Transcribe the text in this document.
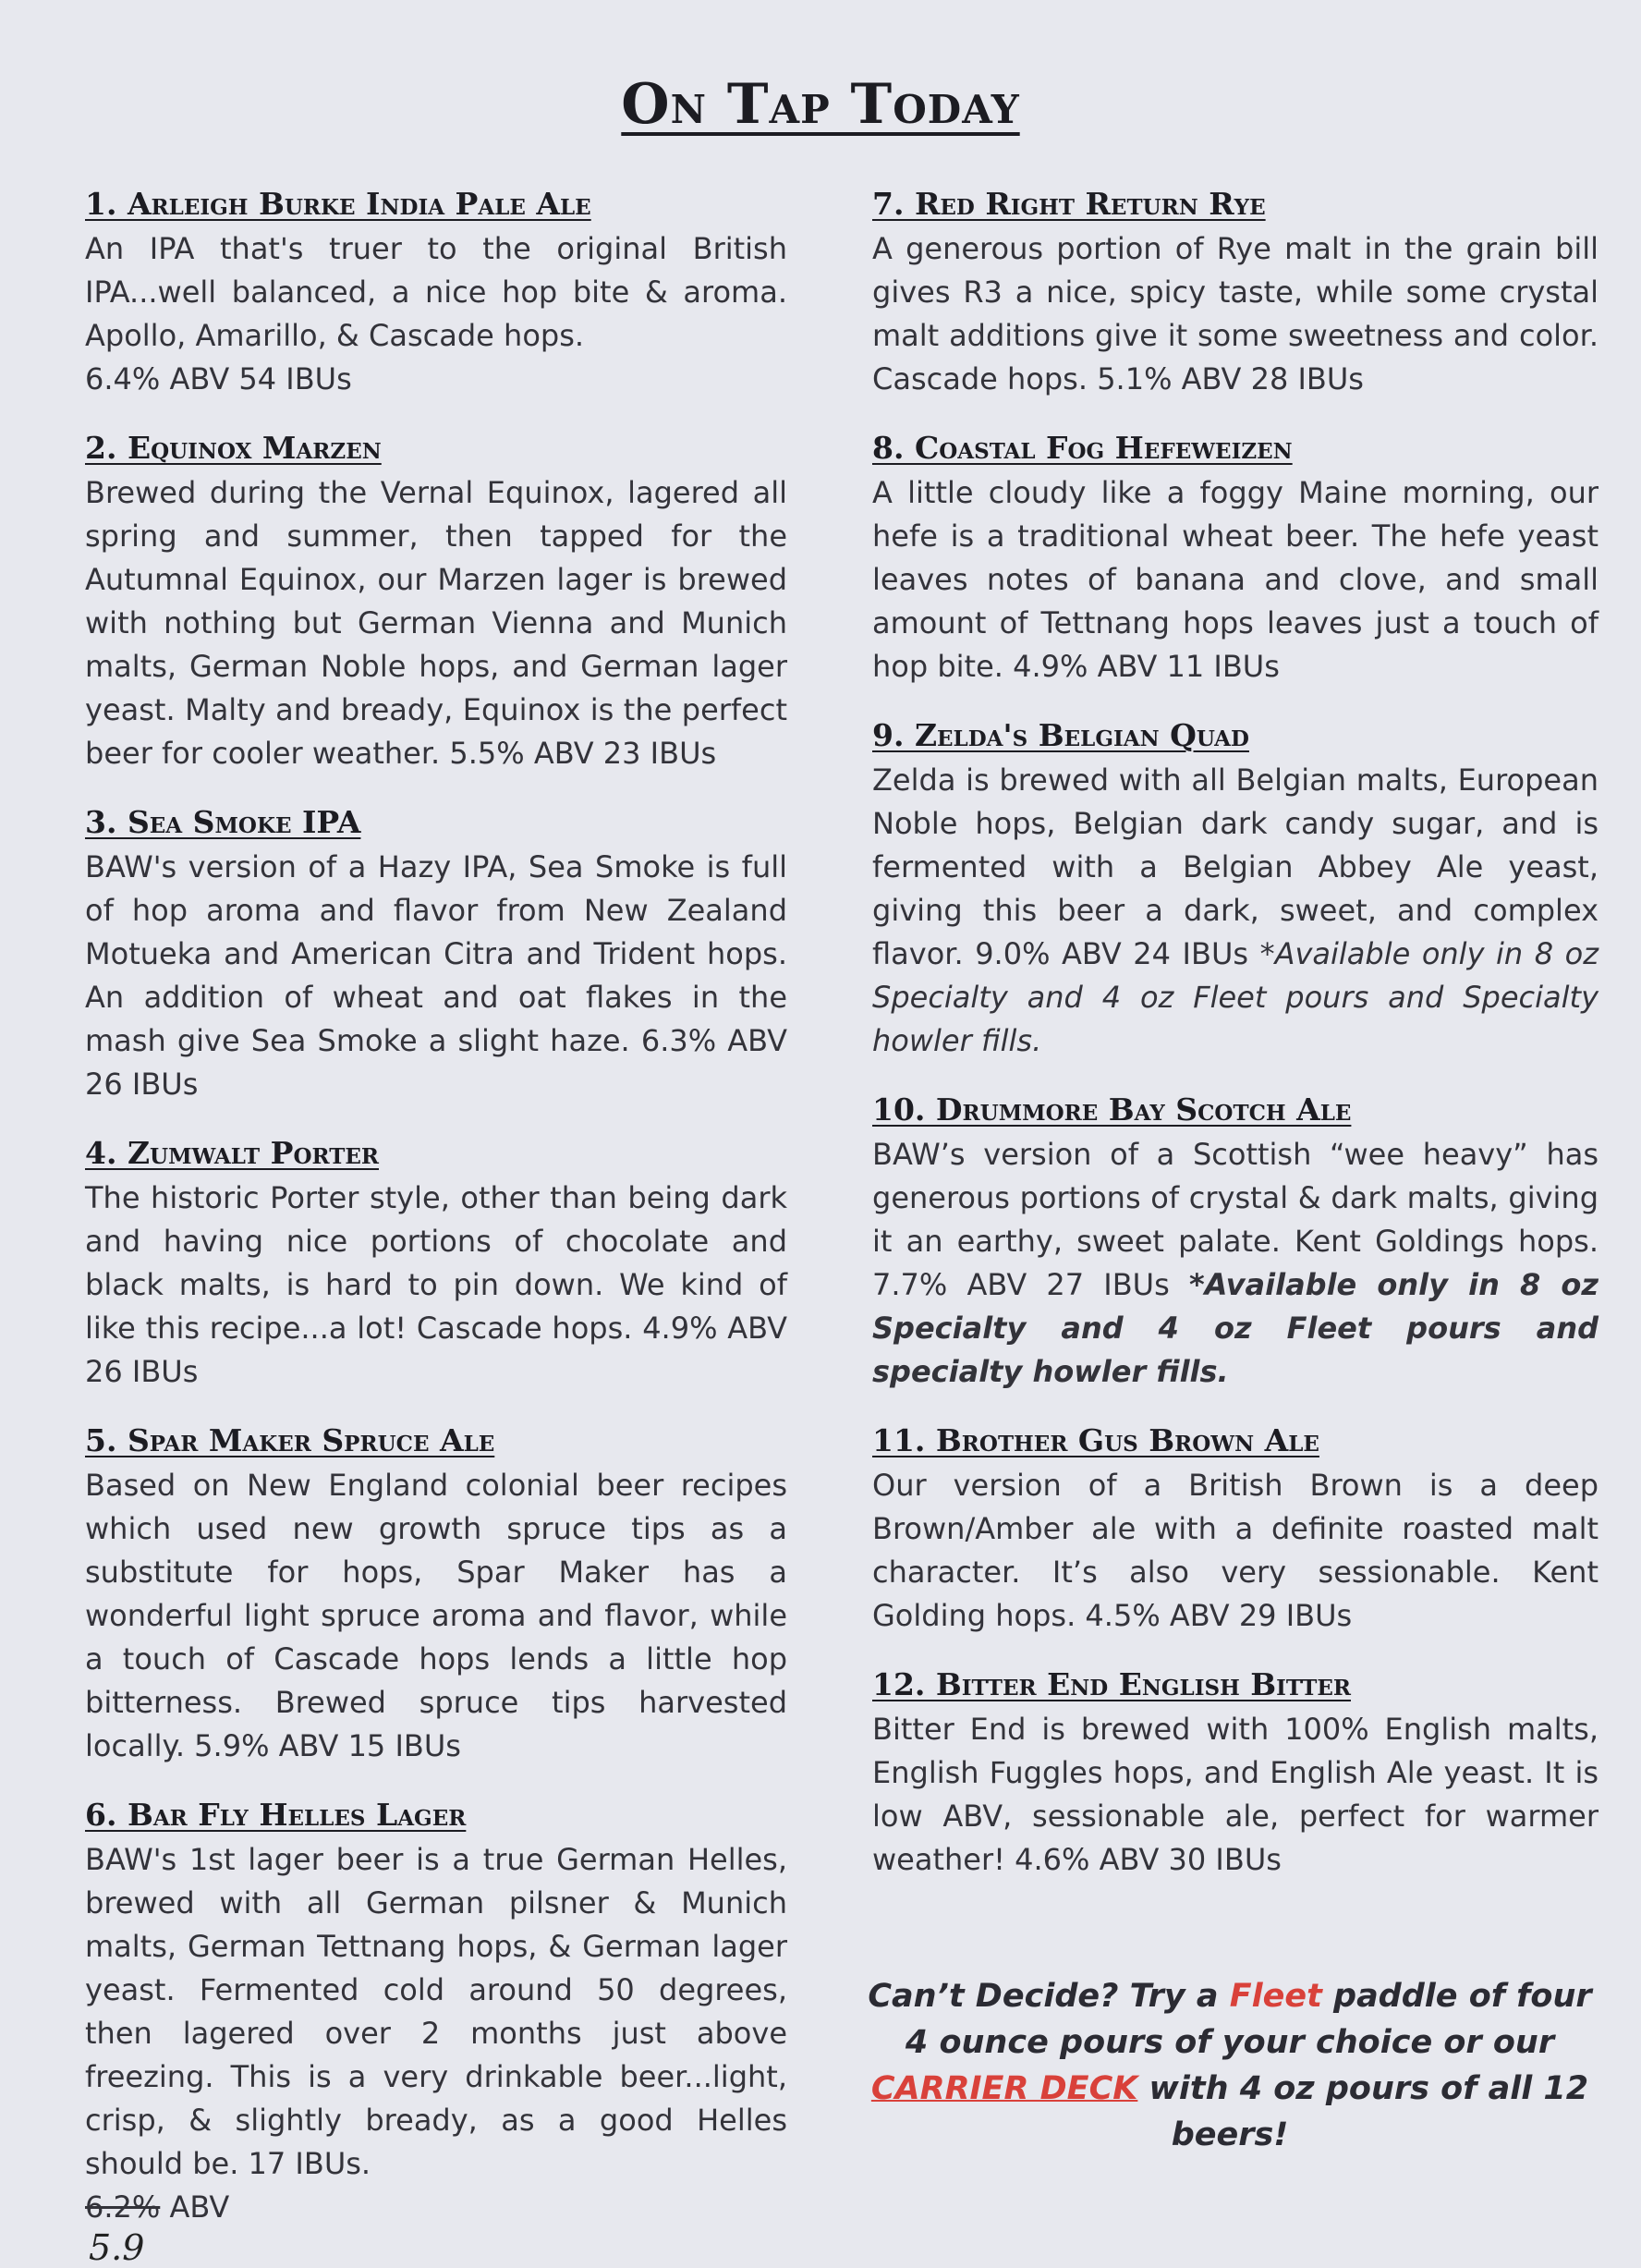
On Tap Today
1. Arleigh Burke India Pale Ale
An IPA that's truer to the original British IPA...well balanced, a nice hop bite & aroma. Apollo, Amarillo, & Cascade hops.
6.4% ABV 54 IBUs
2. Equinox Marzen
Brewed during the Vernal Equinox, lagered all spring and summer, then tapped for the Autumnal Equinox, our Marzen lager is brewed with nothing but German Vienna and Munich malts, German Noble hops, and German lager yeast. Malty and bready, Equinox is the perfect beer for cooler weather. 5.5% ABV 23 IBUs
3. Sea Smoke IPA
BAW's version of a Hazy IPA, Sea Smoke is full of hop aroma and flavor from New Zealand Motueka and American Citra and Trident hops. An addition of wheat and oat flakes in the mash give Sea Smoke a slight haze. 6.3% ABV 26 IBUs
4. Zumwalt Porter
The historic Porter style, other than being dark and having nice portions of chocolate and black malts, is hard to pin down. We kind of like this recipe...a lot! Cascade hops. 4.9% ABV 26 IBUs
5. Spar Maker Spruce Ale
Based on New England colonial beer recipes which used new growth spruce tips as a substitute for hops, Spar Maker has a wonderful light spruce aroma and flavor, while a touch of Cascade hops lends a little hop bitterness. Brewed spruce tips harvested locally. 5.9% ABV 15 IBUs
6. Bar Fly Helles Lager
BAW's 1st lager beer is a true German Helles, brewed with all German pilsner & Munich malts, German Tettnang hops, & German lager yeast. Fermented cold around 50 degrees, then lagered over 2 months just above freezing. This is a very drinkable beer...light, crisp, & slightly bready, as a good Helles should be. 17 IBUs.
6.2% ABV
5.9
7. Red Right Return Rye
A generous portion of Rye malt in the grain bill gives R3 a nice, spicy taste, while some crystal malt additions give it some sweetness and color. Cascade hops. 5.1% ABV 28 IBUs
8. Coastal Fog Hefeweizen
A little cloudy like a foggy Maine morning, our hefe is a traditional wheat beer. The hefe yeast leaves notes of banana and clove, and small amount of Tettnang hops leaves just a touch of hop bite. 4.9% ABV 11 IBUs
9. Zelda's Belgian Quad
Zelda is brewed with all Belgian malts, European Noble hops, Belgian dark candy sugar, and is fermented with a Belgian Abbey Ale yeast, giving this beer a dark, sweet, and complex flavor. 9.0% ABV 24 IBUs *Available only in 8 oz Specialty and 4 oz Fleet pours and Specialty howler fills.
10. Drummore Bay Scotch Ale
BAW’s version of a Scottish “wee heavy” has generous portions of crystal & dark malts, giving it an earthy, sweet palate. Kent Goldings hops. 7.7% ABV 27 IBUs *Available only in 8 oz Specialty and 4 oz Fleet pours and specialty howler fills.
11. Brother Gus Brown Ale
Our version of a British Brown is a deep Brown/Amber ale with a definite roasted malt character. It’s also very sessionable. Kent Golding hops. 4.5% ABV 29 IBUs
12. Bitter End English Bitter
Bitter End is brewed with 100% English malts, English Fuggles hops, and English Ale yeast. It is low ABV, sessionable ale, perfect for warmer weather! 4.6% ABV 30 IBUs
Can’t Decide? Try a Fleet paddle of four 4 ounce pours of your choice or our CARRIER DECK with 4 oz pours of all 12 beers!
